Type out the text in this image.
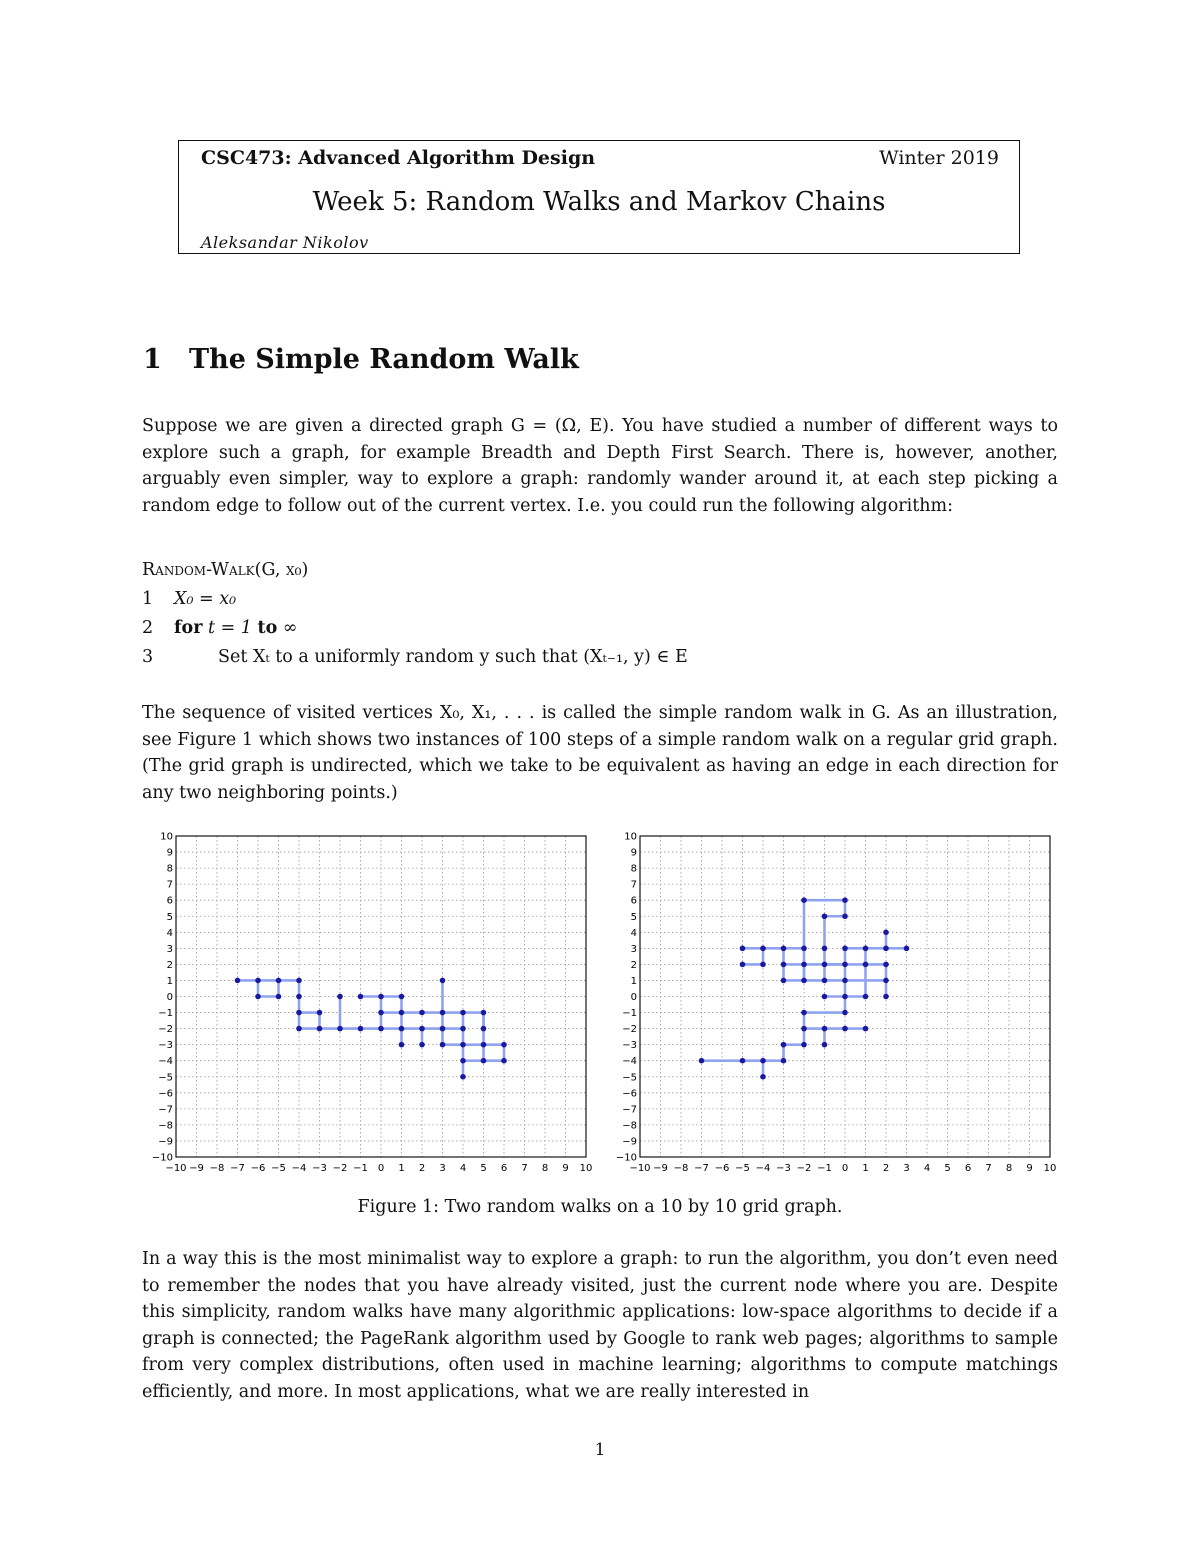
CSC473: Advanced Algorithm Design	Winter 2019
Week 5: Random Walks and Markov Chains
Aleksandar Nikolov
1 The Simple Random Walk

Suppose we are given a directed graph G = (Ω, E). You have studied a number of different ways to explore such a graph, for example Breadth and Depth First Search. There is, however, another, arguably even simpler, way to explore a graph: randomly wander around it, at each step picking a random edge to follow out of the current vertex. I.e. you could run the following algorithm:

Random-Walk(G, x₀)
1 X₀ = x₀
2 for t = 1 to ∞
3	Set Xₜ to a uniformly random y such that (Xₜ₋₁, y) ∈ E

The sequence of visited vertices X₀, X₁, . . . is called the simple random walk in G. As an illustration, see Figure 1 which shows two instances of 100 steps of a simple random walk on a regular grid graph. (The grid graph is undirected, which we take to be equivalent as having an edge in each direction for any two neighboring points.)

−10 −9 −8 −7 −6 −5 −4 −3 −2 −1 0 1 2 3 4 5 6 7 8 9 10
−10
−9
−8
−7
−6
−5
−4
−3
−2
−1
0
1
2
3
4
5
6
7
8
9
10
−10 −9 −8 −7 −6 −5 −4 −3 −2 −1 0 1 2 3 4 5 6 7 8 9 10
−10
−9
−8
−7
−6
−5
−4
−3
−2
−1
0
1
2
3
4
5
6
7
8
9
10
Figure 1: Two random walks on a 10 by 10 grid graph.

In a way this is the most minimalist way to explore a graph: to run the algorithm, you don’t even need to remember the nodes that you have already visited, just the current node where you are. Despite this simplicity, random walks have many algorithmic applications: low-space algorithms to decide if a graph is connected; the PageRank algorithm used by Google to rank web pages; algorithms to sample from very complex distributions, often used in machine learning; algorithms to compute matchings efficiently, and more. In most applications, what we are really interested in

1
